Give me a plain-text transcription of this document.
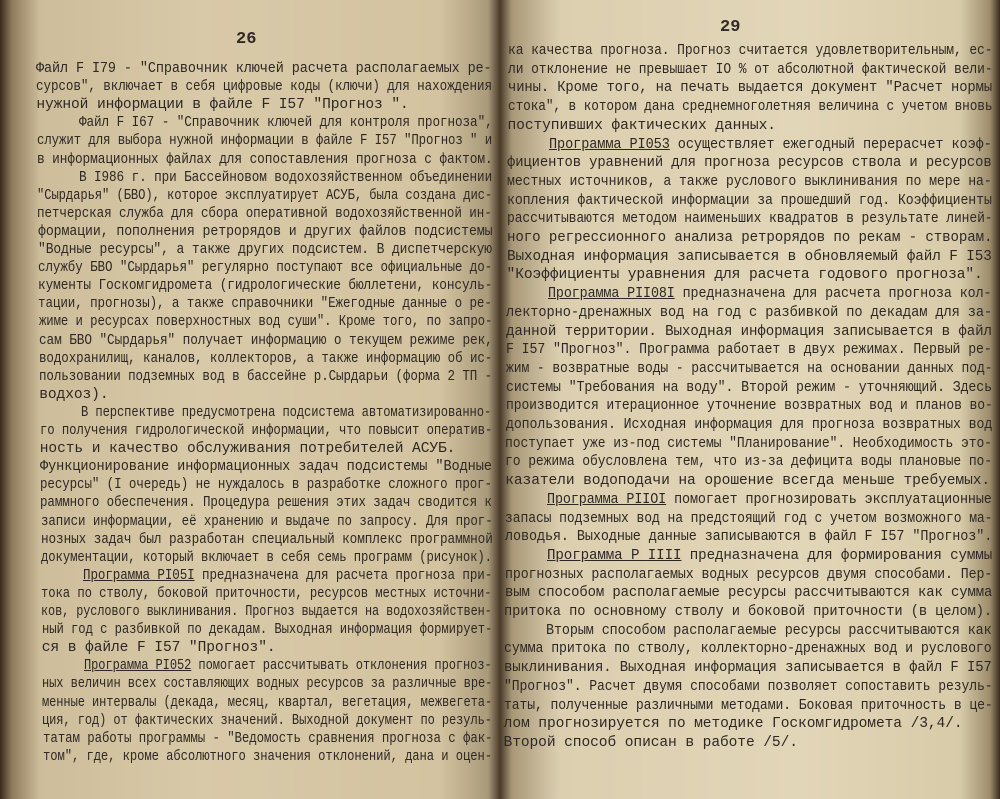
26
Файл F I79 - "Справочник ключей расчета располагаемых ре-
сурсов", включает в себя цифровые коды (ключи) для нахождения
нужной информации в файле F I57 "Прогноз ".
Файл F I67 - "Справочник ключей для контроля прогноза",
служит для выбора нужной информации в файле F I57 "Прогноз " и
в информационных файлах для сопоставления прогноза с фактом.
В I986 г. при Бассейновом водохозяйственном объединении
"Сырдарья" (БВО), которое эксплуатирует АСУБ, была создана дис-
петчерская служба для сбора оперативной водохозяйственной ин-
формации, пополнения ретрорядов и других файлов подсистемы
"Водные ресурсы", а также других подсистем. В диспетчерскую
службу БВО "Сырдарья" регулярно поступают все официальные до-
кументы Госкомгидромета (гидрологические бюллетени, консуль-
тации, прогнозы), а также справочники "Ежегодные данные о ре-
жиме и ресурсах поверхностных вод суши". Кроме того, по запро-
сам БВО "Сырдарья" получает информацию о текущем режиме рек,
водохранилищ, каналов, коллекторов, а также информацию об ис-
пользовании подземных вод в бассейне р.Сырдарьи (форма 2 ТП -
водхоз).
В перспективе предусмотрена подсистема автоматизированно-
го получения гидрологической информации, что повысит оператив-
ность и качество обслуживания потребителей АСУБ.
Функционирование информационных задач подсистемы "Водные
ресурсы" (I очередь) не нуждалось в разработке сложного прог-
раммного обеспечения. Процедура решения этих задач сводится к
записи информации, её хранению и выдаче по запросу. Для прог-
нозных задач был разработан специальный комплекс программной
документации, который включает в себя семь программ (рисунок).
Программа PI05I предназначена для расчета прогноза при-
тока по стволу, боковой приточности, ресурсов местных источни-
ков, руслового выклинивания. Прогноз выдается на водохозяйствен-
ный год с разбивкой по декадам. Выходная информация формирует-
ся в файле F I57 "Прогноз".
Программа PI052 помогает рассчитывать отклонения прогноз-
ных величин всех составляющих водных ресурсов за различные вре-
менные интервалы (декада, месяц, квартал, вегетация, межвегета-
ция, год) от фактических значений. Выходной документ по резуль-
татам работы программы - "Ведомость сравнения прогноза с фак-
том", где, кроме абсолютного значения отклонений, дана и оцен-
29
ка качества прогноза. Прогноз считается удовлетворительным, ес-
ли отклонение не превышает IO % от абсолютной фактической вели-
чины. Кроме того, на печать выдается документ "Расчет нормы
стока", в котором дана среднемноголетняя величина с учетом вновь
поступивших фактических данных.
Программа PI053 осуществляет ежегодный перерасчет коэф-
фициентов уравнений для прогноза ресурсов ствола и ресурсов
местных источников, а также руслового выклинивания по мере на-
копления фактической информации за прошедший год. Коэффициенты
рассчитываются методом наименьших квадратов в результате линей-
ного регрессионного анализа ретрорядов по рекам - створам.
Выходная информация записывается в обновляемый файл F I53
"Коэффициенты уравнения для расчета годового прогноза".
Программа PII08I предназначена для расчета прогноза кол-
лекторно-дренажных вод на год с разбивкой по декадам для за-
данной территории. Выходная информация записывается в файл
F I57 "Прогноз". Программа работает в двух режимах. Первый ре-
жим - возвратные воды - рассчитывается на основании данных под-
системы "Требования на воду". Второй режим - уточняющий. Здесь
производится итерационное уточнение возвратных вод и планов во-
допользования. Исходная информация для прогноза возвратных вод
поступает уже из-под системы "Планирование". Необходимость это-
го режима обусловлена тем, что из-за дефицита воды плановые по-
казатели водоподачи на орошение всегда меньше требуемых.
Программа PIIOI помогает прогнозировать эксплуатационные
запасы подземных вод на предстоящий год с учетом возможного ма-
ловодья. Выходные данные записываются в файл F I57 "Прогноз".
Программа P IIII предназначена для формирования суммы
прогнозных располагаемых водных ресурсов двумя способами. Пер-
вым способом располагаемые ресурсы рассчитываются как сумма
притока по основному стволу и боковой приточности (в целом).
Вторым способом располагаемые ресурсы рассчитываются как
сумма притока по стволу, коллекторно-дренажных вод и руслового
выклинивания. Выходная информация записывается в файл F I57
"Прогноз". Расчет двумя способами позволяет сопоставить резуль-
таты, полученные различными методами. Боковая приточность в це-
лом прогнозируется по методике Госкомгидромета /3,4/.
Второй способ описан в работе /5/.
